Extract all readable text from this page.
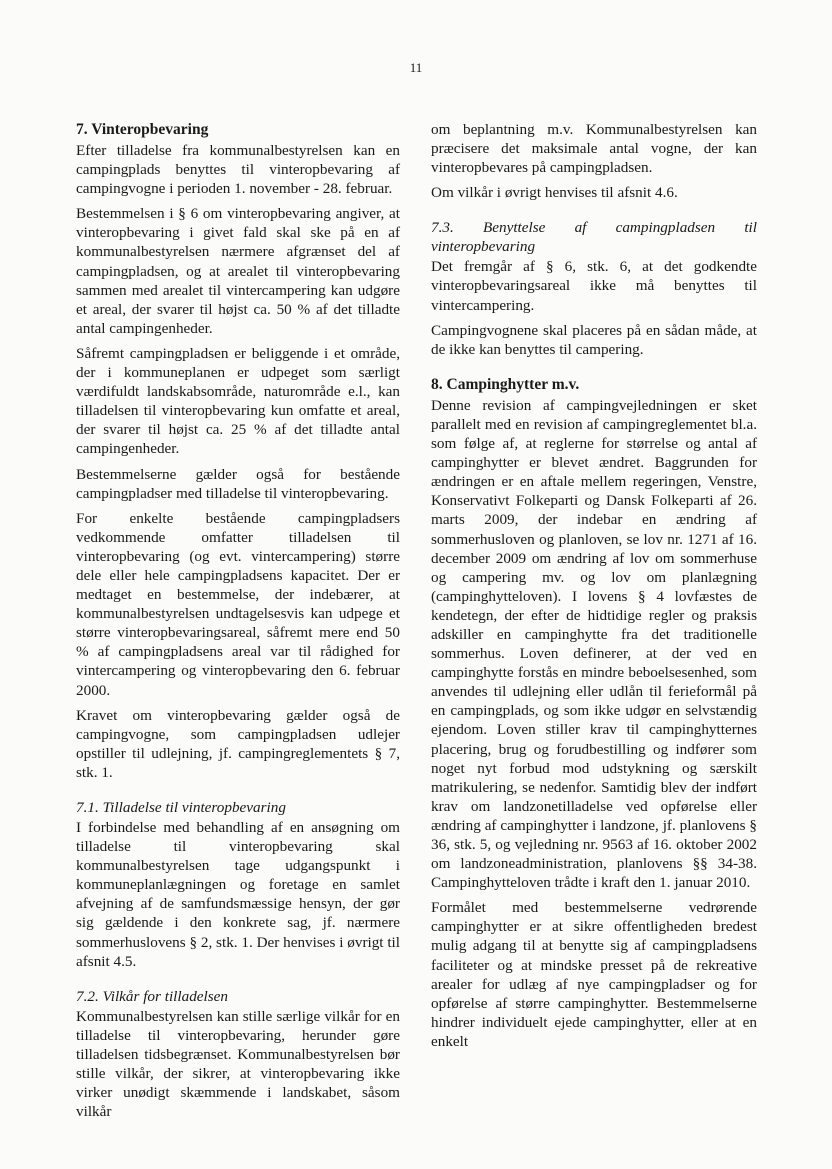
11
7. Vinteropbevaring

Efter tilladelse fra kommunalbestyrelsen kan en campingplads benyttes til vinteropbevaring af campingvogne i perioden 1. november - 28. februar.

Bestemmelsen i § 6 om vinteropbevaring angiver, at vinteropbevaring i givet fald skal ske på en af kommunalbestyrelsen nærmere afgrænset del af campingpladsen, og at arealet til vinteropbevaring sammen med arealet til vintercampering kan udgøre et areal, der svarer til højst ca. 50 % af det tilladte antal campingenheder.

Såfremt campingpladsen er beliggende i et område, der i kommuneplanen er udpeget som særligt værdifuldt landskabsområde, naturområde e.l., kan tilladelsen til vinteropbevaring kun omfatte et areal, der svarer til højst ca. 25 % af det tilladte antal campingenheder.

Bestemmelserne gælder også for bestående campingpladser med tilladelse til vinteropbevaring.

For enkelte bestående campingpladsers vedkommende omfatter tilladelsen til vinteropbevaring (og evt. vintercampering) større dele eller hele campingpladsens kapacitet. Der er medtaget en bestemmelse, der indebærer, at kommunalbestyrelsen undtagelsesvis kan udpege et større vinteropbevaringsareal, såfremt mere end 50 % af campingpladsens areal var til rådighed for vintercampering og vinteropbevaring den 6. februar 2000.

Kravet om vinteropbevaring gælder også de campingvogne, som campingpladsen udlejer opstiller til udlejning, jf. campingreglementets § 7, stk. 1.

7.1. Tilladelse til vinteropbevaring

I forbindelse med behandling af en ansøgning om tilladelse til vinteropbevaring skal kommunalbestyrelsen tage udgangspunkt i kommuneplanlægningen og foretage en samlet afvejning af de samfundsmæssige hensyn, der gør sig gældende i den konkrete sag, jf. nærmere sommerhuslovens § 2, stk. 1. Der henvises i øvrigt til afsnit 4.5.

7.2. Vilkår for tilladelsen

Kommunalbestyrelsen kan stille særlige vilkår for en tilladelse til vinteropbevaring, herunder gøre tilladelsen tidsbegrænset. Kommunalbestyrelsen bør stille vilkår, der sikrer, at vinteropbevaring ikke virker unødigt skæmmende i landskabet, såsom vilkår

om beplantning m.v. Kommunalbestyrelsen kan præcisere det maksimale antal vogne, der kan vinteropbevares på campingpladsen.

Om vilkår i øvrigt henvises til afsnit 4.6.

7.3. Benyttelse af campingpladsen til vinteropbevaring

Det fremgår af § 6, stk. 6, at det godkendte vinteropbevaringsareal ikke må benyttes til vintercampering.

Campingvognene skal placeres på en sådan måde, at de ikke kan benyttes til campering.

8. Campinghytter m.v.

Denne revision af campingvejledningen er sket parallelt med en revision af campingreglementet bl.a. som følge af, at reglerne for størrelse og antal af campinghytter er blevet ændret. Baggrunden for ændringen er en aftale mellem regeringen, Venstre, Konservativt Folkeparti og Dansk Folkeparti af 26. marts 2009, der indebar en ændring af sommerhusloven og planloven, se lov nr. 1271 af 16. december 2009 om ændring af lov om sommerhuse og campering mv. og lov om planlægning (campinghytteloven). I lovens § 4 lovfæstes de kendetegn, der efter de hidtidige regler og praksis adskiller en campinghytte fra det traditionelle sommerhus. Loven definerer, at der ved en campinghytte forstås en mindre beboelsesenhed, som anvendes til udlejning eller udlån til ferieformål på en campingplads, og som ikke udgør en selvstændig ejendom. Loven stiller krav til campinghytternes placering, brug og forudbestilling og indfører som noget nyt forbud mod udstykning og særskilt matrikulering, se nedenfor. Samtidig blev der indført krav om landzonetilladelse ved opførelse eller ændring af campinghytter i landzone, jf. planlovens § 36, stk. 5, og vejledning nr. 9563 af 16. oktober 2002 om landzoneadministration, planlovens §§ 34-38. Campinghytteloven trådte i kraft den 1. januar 2010.

Formålet med bestemmelserne vedrørende campinghytter er at sikre offentligheden bredest mulig adgang til at benytte sig af campingpladsens faciliteter og at mindske presset på de rekreative arealer for udlæg af nye campingpladser og for opførelse af større campinghytter. Bestemmelserne hindrer individuelt ejede campinghytter, eller at en enkelt
